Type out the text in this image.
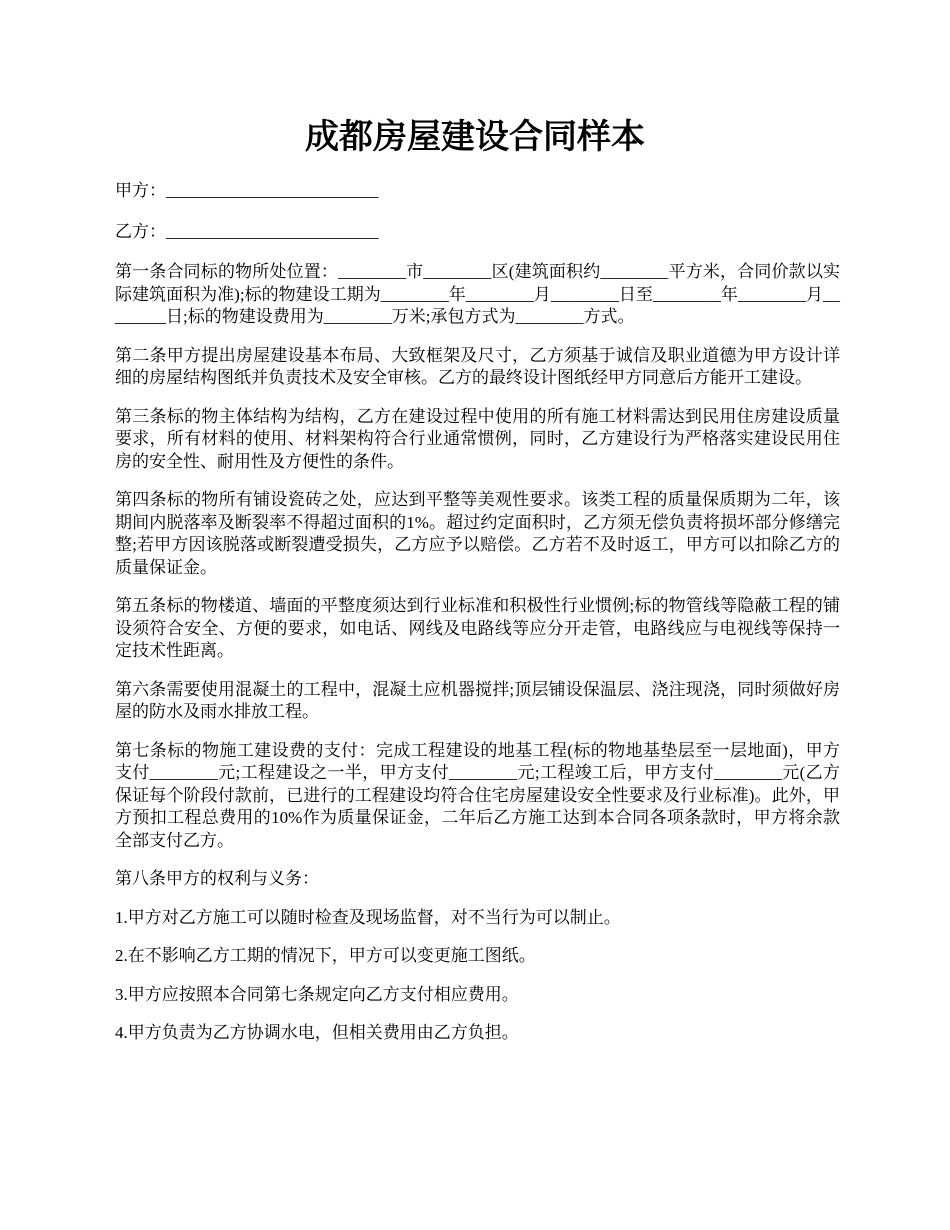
成都房屋建设合同样本

甲方：_________________________

乙方：_________________________

第一条合同标的物所处位置：________市________区(建筑面积约________平方米，合同价款以实际建筑面积为准);标的物建设工期为________年________月________日至________年________月________日;标的物建设费用为________万米;承包方式为________方式。

第二条甲方提出房屋建设基本布局、大致框架及尺寸，乙方须基于诚信及职业道德为甲方设计详细的房屋结构图纸并负责技术及安全审核。乙方的最终设计图纸经甲方同意后方能开工建设。

第三条标的物主体结构为结构，乙方在建设过程中使用的所有施工材料需达到民用住房建设质量要求，所有材料的使用、材料架构符合行业通常惯例，同时，乙方建设行为严格落实建设民用住房的安全性、耐用性及方便性的条件。

第四条标的物所有铺设瓷砖之处，应达到平整等美观性要求。该类工程的质量保质期为二年，该期间内脱落率及断裂率不得超过面积的1%。超过约定面积时，乙方须无偿负责将损坏部分修缮完整;若甲方因该脱落或断裂遭受损失，乙方应予以赔偿。乙方若不及时返工，甲方可以扣除乙方的质量保证金。

第五条标的物楼道、墙面的平整度须达到行业标准和积极性行业惯例;标的物管线等隐蔽工程的铺设须符合安全、方便的要求，如电话、网线及电路线等应分开走管，电路线应与电视线等保持一定技术性距离。

第六条需要使用混凝土的工程中，混凝土应机器搅拌;顶层铺设保温层、浇注现浇，同时须做好房屋的防水及雨水排放工程。

第七条标的物施工建设费的支付：完成工程建设的地基工程(标的物地基垫层至一层地面)，甲方支付________元;工程建设之一半，甲方支付________元;工程竣工后，甲方支付________元(乙方保证每个阶段付款前，已进行的工程建设均符合住宅房屋建设安全性要求及行业标准)。此外，甲方预扣工程总费用的10%作为质量保证金，二年后乙方施工达到本合同各项条款时，甲方将余款全部支付乙方。

第八条甲方的权利与义务：

1.甲方对乙方施工可以随时检查及现场监督，对不当行为可以制止。

2.在不影响乙方工期的情况下，甲方可以变更施工图纸。

3.甲方应按照本合同第七条规定向乙方支付相应费用。

4.甲方负责为乙方协调水电，但相关费用由乙方负担。
